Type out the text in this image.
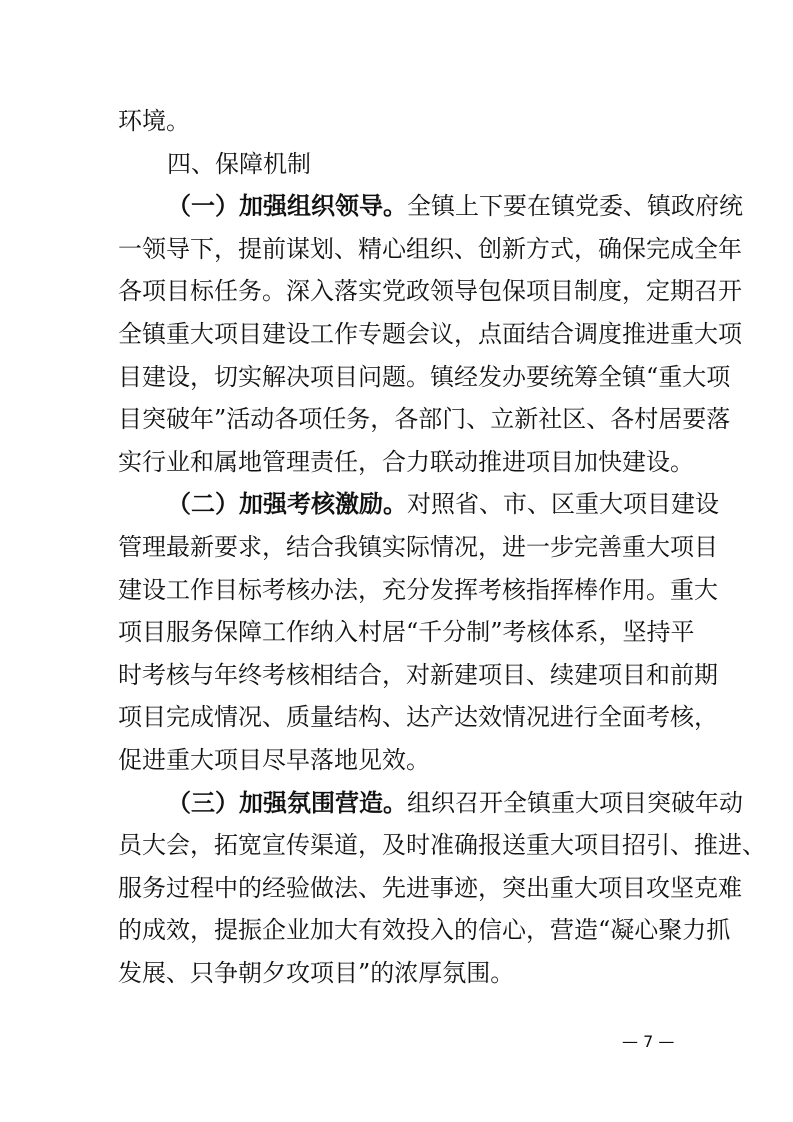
环境。
四、保障机制
（一）加强组织领导。全镇上下要在镇党委、镇政府统
一领导下，提前谋划、精心组织、创新方式，确保完成全年
各项目标任务。深入落实党政领导包保项目制度，定期召开
全镇重大项目建设工作专题会议，点面结合调度推进重大项
目建设，切实解决项目问题。镇经发办要统筹全镇“重大项
目突破年”活动各项任务，各部门、立新社区、各村居要落
实行业和属地管理责任，合力联动推进项目加快建设。
（二）加强考核激励。对照省、市、区重大项目建设
管理最新要求，结合我镇实际情况，进一步完善重大项目
建设工作目标考核办法，充分发挥考核指挥棒作用。重大
项目服务保障工作纳入村居“千分制”考核体系，坚持平
时考核与年终考核相结合，对新建项目、续建项目和前期
项目完成情况、质量结构、达产达效情况进行全面考核，
促进重大项目尽早落地见效。
（三）加强氛围营造。组织召开全镇重大项目突破年动
员大会，拓宽宣传渠道，及时准确报送重大项目招引、推进、
服务过程中的经验做法、先进事迹，突出重大项目攻坚克难
的成效，提振企业加大有效投入的信心，营造“凝心聚力抓
发展、只争朝夕攻项目”的浓厚氛围。
— 7 —
